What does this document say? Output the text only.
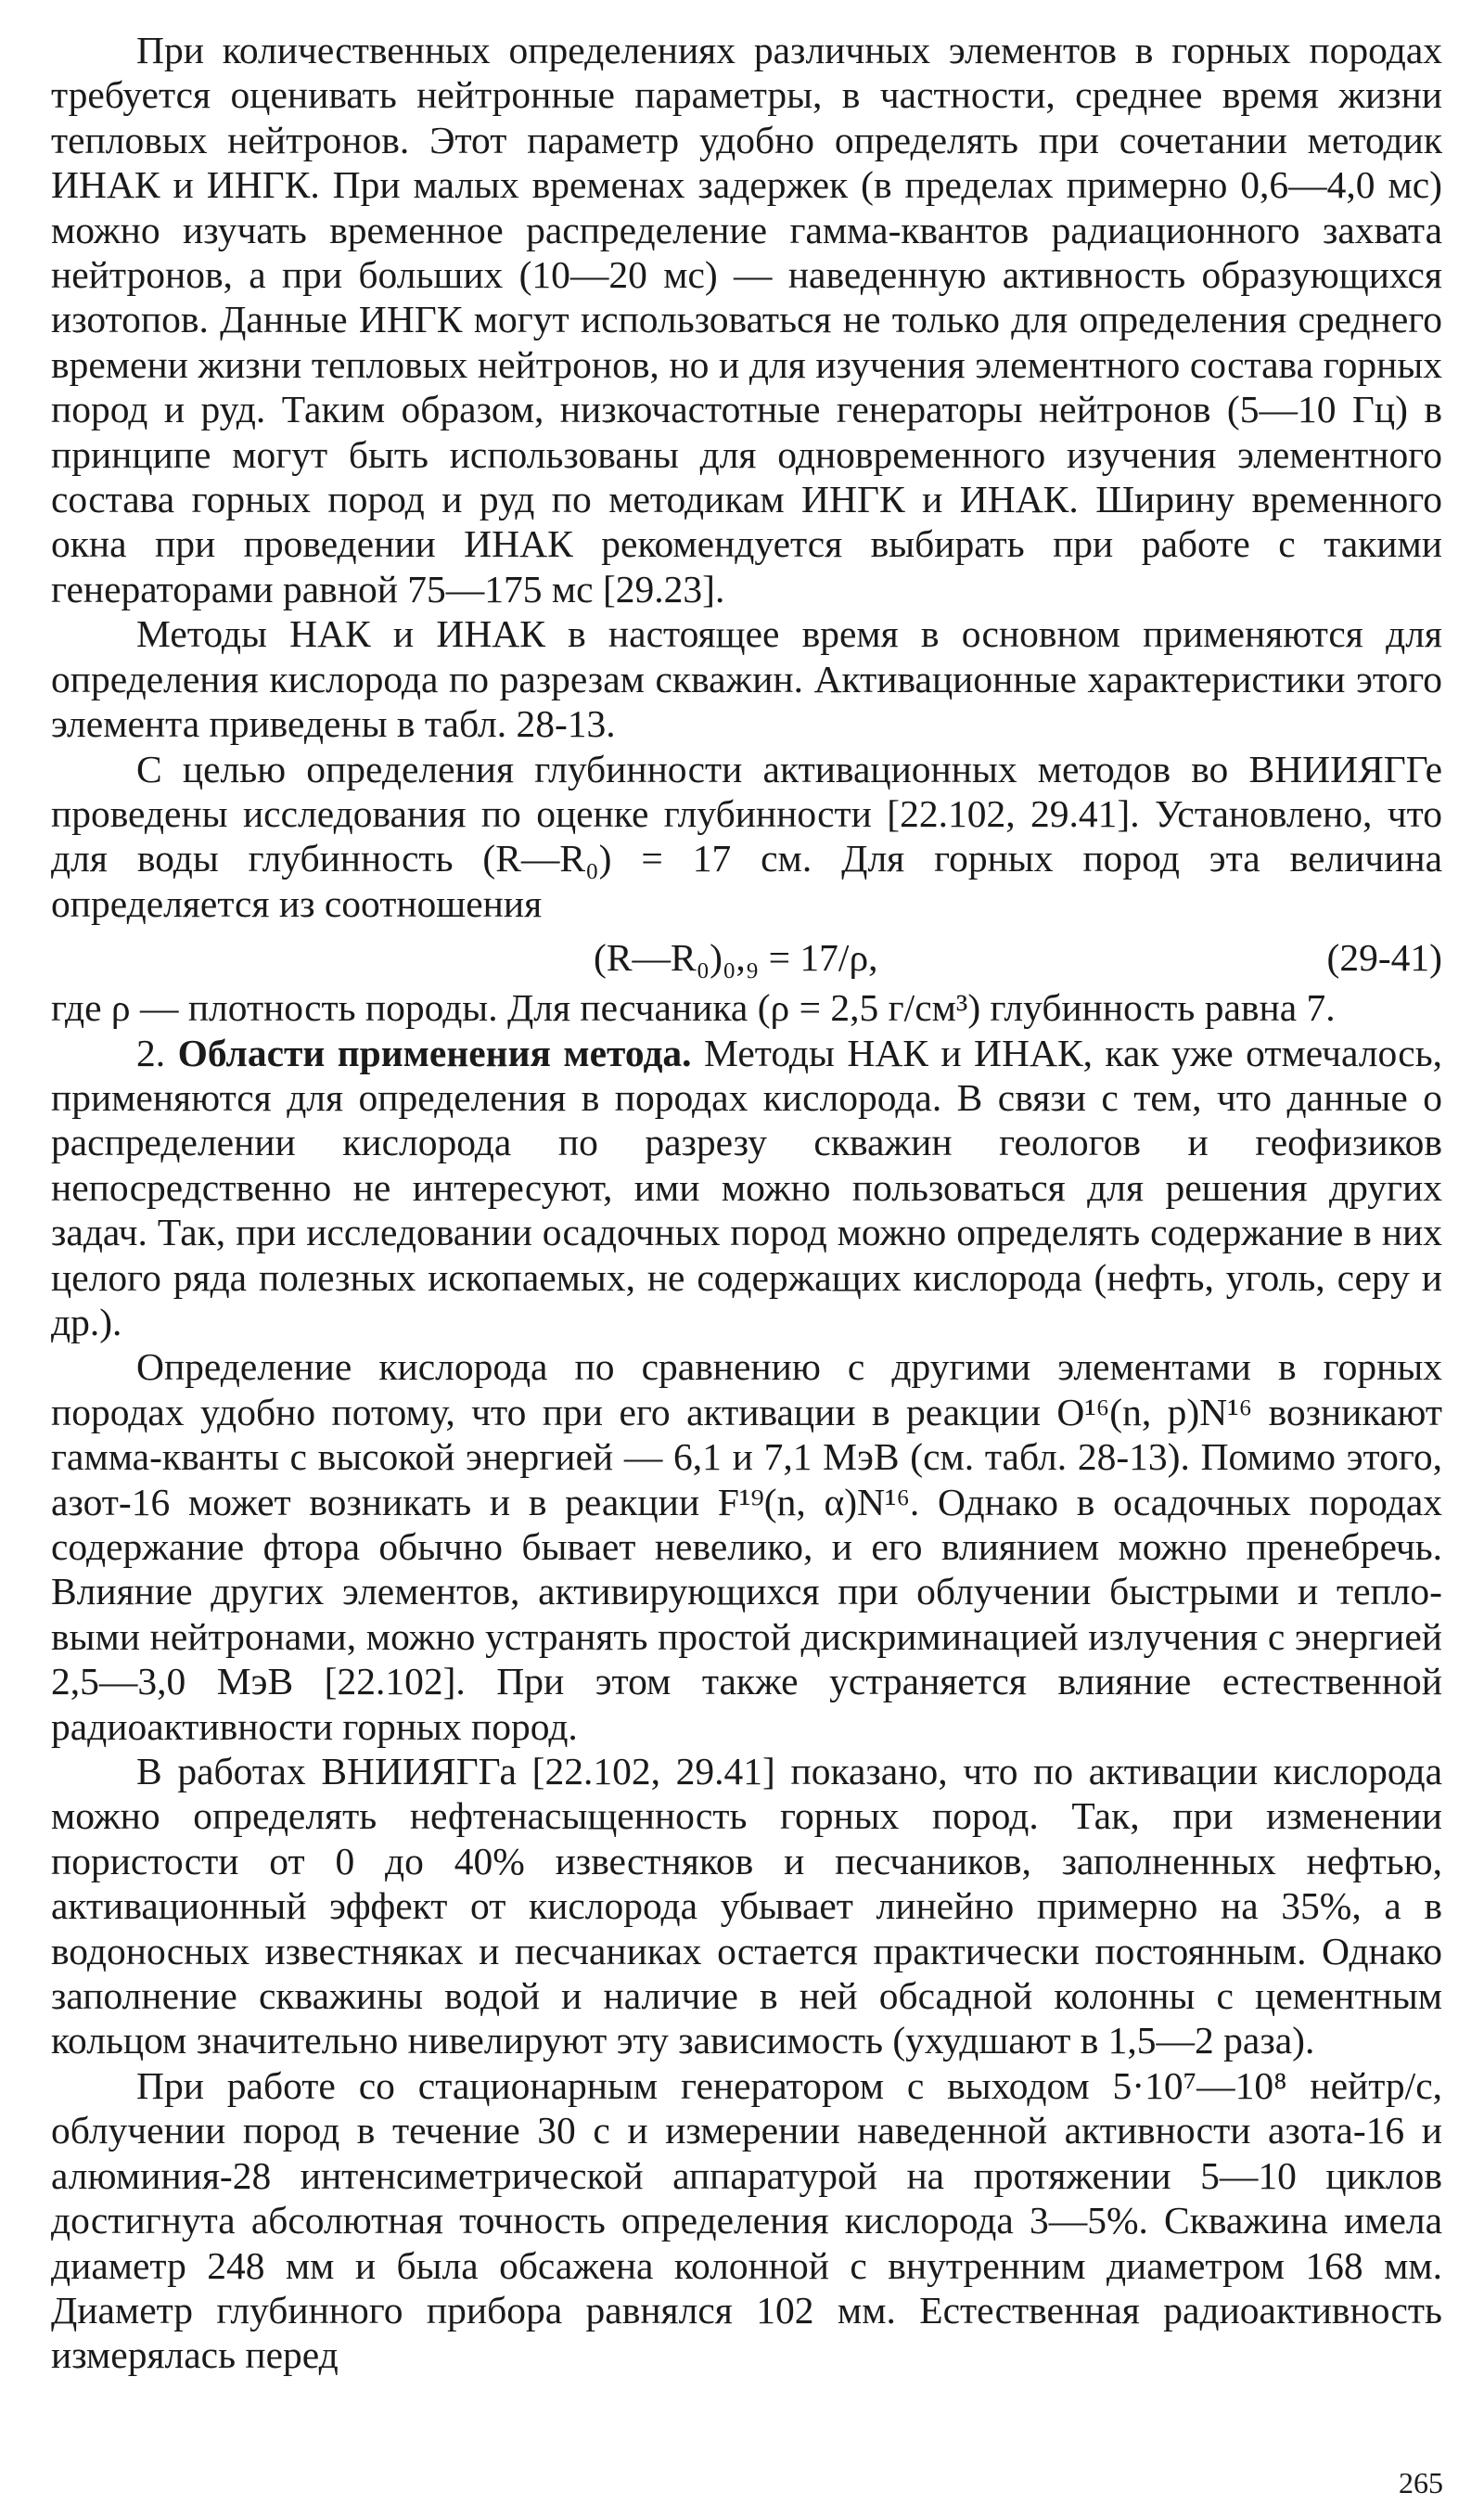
При количественных определениях различных элементов в горных породах требуется оценивать нейтронные параметры, в частности, среднее время жизни тепловых нейтронов. Этот параметр удобно определять при сочетании методик ИНАК и ИНГК. При малых временах задержек (в пределах примерно 0,6—4,0 мс) можно изучать временное распределение гамма-квантов радиационного захвата нейтронов, а при больших (10—20 мс) — наведенную активность образующихся изотопов. Данные ИНГК могут использоваться не только для определения среднего времени жизни тепловых нейтронов, но и для изучения элементного состава горных пород и руд. Таким образом, низкочастотные генераторы нейтронов (5—10 Гц) в принципе могут быть использованы для одновременного изучения элементного состава горных пород и руд по методикам ИНГК и ИНАК. Ширину временного окна при проведении ИНАК рекомендуется выбирать при работе с такими генераторами равной 75—175 мс [29.23].

Методы НАК и ИНАК в настоящее время в основном применяются для определения кислорода по разрезам скважин. Активационные характеристики этого элемента приведены в табл. 28-13.

С целью определения глубинности активационных методов во ВНИИЯГГе проведены исследования по оценке глубинности [22.102, 29.41]. Установлено, что для воды глубинность (R—R₀) = 17 см. Для горных пород эта величина определяется из соотношения

(R—R₀)₀,₉ = 17/ρ,	(29-41)

где ρ — плотность породы. Для песчаника (ρ = 2,5 г/см³) глубинность равна 7.

2. Области применения метода. Методы НАК и ИНАК, как уже отмечалось, применяются для определения в породах кислорода. В связи с тем, что данные о распределении кислорода по разрезу скважин геологов и геофизиков непосредственно не интересуют, ими можно пользоваться для решения других задач. Так, при исследовании осадочных пород можно определять содержание в них целого ряда полезных ископаемых, не содержащих кислорода (нефть, уголь, серу и др.).

Определение кислорода по сравнению с другими элементами в горных породах удобно потому, что при его активации в реакции O¹⁶(n, p)N¹⁶ возникают гамма-кванты с высокой энергией — 6,1 и 7,1 МэВ (см. табл. 28-13). Помимо этого, азот-16 может возникать и в реакции F¹⁹(n, α)N¹⁶. Однако в осадочных породах содержание фтора обычно бывает невелико, и его влиянием можно пренебречь. Влияние других элементов, активирующихся при облучении быстрыми и тепловыми нейтронами, можно устранять простой дискриминацией излучения с энергией 2,5—3,0 МэВ [22.102]. При этом также устраняется влияние естественной радиоактивности горных пород.

В работах ВНИИЯГГа [22.102, 29.41] показано, что по активации кислорода можно определять нефтенасыщенность горных пород. Так, при изменении пористости от 0 до 40% известняков и песчаников, заполненных нефтью, активационный эффект от кислорода убывает линейно примерно на 35%, а в водоносных известняках и песчаниках остается практически постоянным. Однако заполнение скважины водой и наличие в ней обсадной колонны с цементным кольцом значительно нивелируют эту зависимость (ухудшают в 1,5—2 раза).

При работе со стационарным генератором с выходом 5·10⁷—10⁸ нейтр/с, облучении пород в течение 30 с и измерении наведенной активности азота-16 и алюминия-28 интенсиметрической аппаратурой на протяжении 5—10 циклов достигнута абсолютная точность определения кислорода 3—5%. Скважина имела диаметр 248 мм и была обсажена колонной с внутренним диаметром 168 мм. Диаметр глубинного прибора равнялся 102 мм. Естественная радиоактивность измерялась перед

265
